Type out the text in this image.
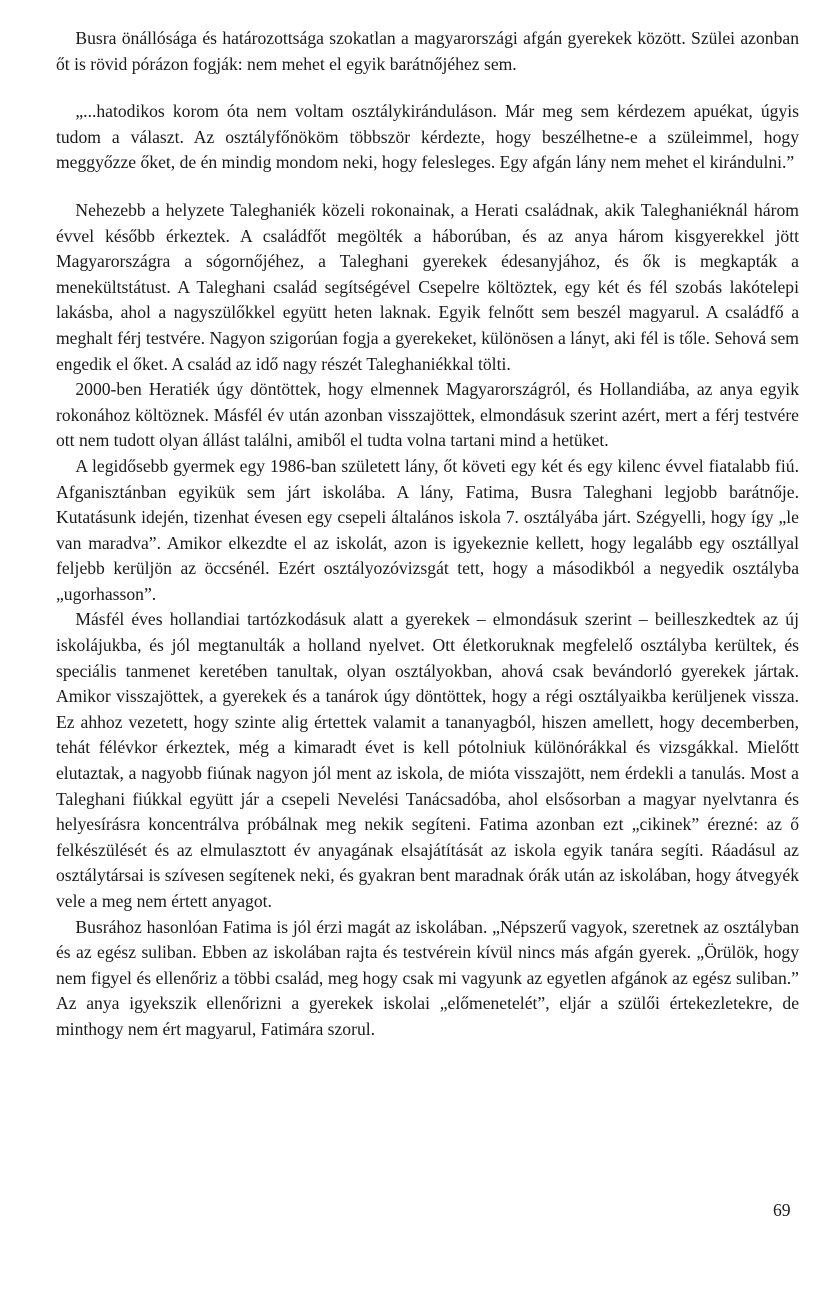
Busra önállósága és határozottsága szokatlan a magyarországi afgán gyerekek között. Szülei azonban őt is rövid pórázon fogják: nem mehet el egyik barátnőjéhez sem.

„...hatodikos korom óta nem voltam osztálykiránduláson. Már meg sem kérdezem apuékat, úgyis tudom a választ. Az osztályfőnököm többször kérdezte, hogy beszélhetne-e a szüleimmel, hogy meggyőzze őket, de én mindig mondom neki, hogy felesleges. Egy afgán lány nem mehet el kirándulni.”

Nehezebb a helyzete Taleghaniék közeli rokonainak, a Herati családnak, akik Taleghaniéknál három évvel később érkeztek. A családfőt megölték a háborúban, és az anya három kisgyerekkel jött Magyarországra a sógornőjéhez, a Taleghani gyerekek édesanyjához, és ők is megkapták a menekültstátust. A Taleghani család segítségével Csepelre költöztek, egy két és fél szobás lakótelepi lakásba, ahol a nagyszülőkkel együtt heten laknak. Egyik felnőtt sem beszél magyarul. A családfő a meghalt férj testvére. Nagyon szigorúan fogja a gyerekeket, különösen a lányt, aki fél is tőle. Sehová sem engedik el őket. A család az idő nagy részét Taleghaniékkal tölti.

2000-ben Heratiék úgy döntöttek, hogy elmennek Magyarországról, és Hollandiába, az anya egyik rokonához költöznek. Másfél év után azonban visszajöttek, elmondásuk szerint azért, mert a férj testvére ott nem tudott olyan állást találni, amiből el tudta volna tartani mind a hetüket.

A legidősebb gyermek egy 1986-ban született lány, őt követi egy két és egy kilenc évvel fiatalabb fiú. Afganisztánban egyikük sem járt iskolába. A lány, Fatima, Busra Taleghani legjobb barátnője. Kutatásunk idején, tizenhat évesen egy csepeli általános iskola 7. osztályába járt. Szégyelli, hogy így „le van maradva”. Amikor elkezdte el az iskolát, azon is igyekeznie kellett, hogy legalább egy osztállyal feljebb kerüljön az öccsénél. Ezért osztályozóvizsgát tett, hogy a másodikból a negyedik osztályba „ugorhasson”.

Másfél éves hollandiai tartózkodásuk alatt a gyerekek – elmondásuk szerint – beilleszkedtek az új iskolájukba, és jól megtanulták a holland nyelvet. Ott életkoruknak megfelelő osztályba kerültek, és speciális tanmenet keretében tanultak, olyan osztályokban, ahová csak bevándorló gyerekek jártak. Amikor visszajöttek, a gyerekek és a tanárok úgy döntöttek, hogy a régi osztályaikba kerüljenek vissza. Ez ahhoz vezetett, hogy szinte alig értettek valamit a tananyagból, hiszen amellett, hogy decemberben, tehát félévkor érkeztek, még a kimaradt évet is kell pótolniuk különórákkal és vizsgákkal. Mielőtt elutaztak, a nagyobb fiúnak nagyon jól ment az iskola, de mióta visszajött, nem érdekli a tanulás. Most a Taleghani fiúkkal együtt jár a csepeli Nevelési Tanácsadóba, ahol elsősorban a magyar nyelvtanra és helyesírásra koncentrálva próbálnak meg nekik segíteni. Fatima azonban ezt „cikinek” érezné: az ő felkészülését és az elmulasztott év anyagának elsajátítását az iskola egyik tanára segíti. Ráadásul az osztálytársai is szívesen segítenek neki, és gyakran bent maradnak órák után az iskolában, hogy átvegyék vele a meg nem értett anyagot.

Busrához hasonlóan Fatima is jól érzi magát az iskolában. „Népszerű vagyok, szeretnek az osztályban és az egész suliban. Ebben az iskolában rajta és testvérein kívül nincs más afgán gyerek. „Örülök, hogy nem figyel és ellenőriz a többi család, meg hogy csak mi vagyunk az egyetlen afgánok az egész suliban.” Az anya igyekszik ellenőrizni a gyerekek iskolai „előmenetelét”, eljár a szülői értekezletekre, de minthogy nem ért magyarul, Fatimára szorul.

69
